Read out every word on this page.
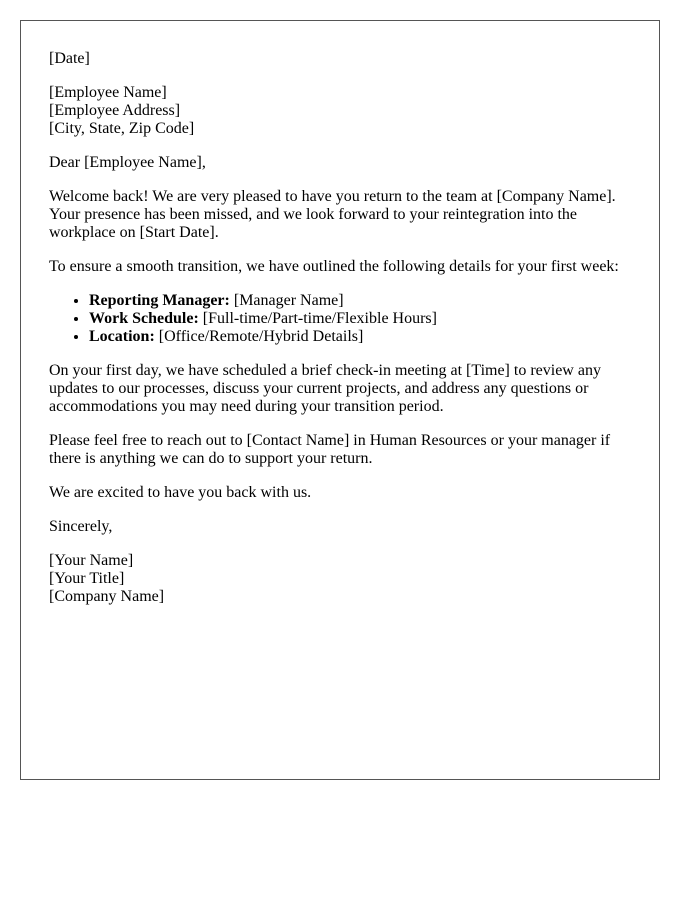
[Date]

[Employee Name]
[Employee Address]
[City, State, Zip Code]

Dear [Employee Name],

Welcome back! We are very pleased to have you return to the team at [Company Name]. Your presence has been missed, and we look forward to your reintegration into the workplace on [Start Date].

To ensure a smooth transition, we have outlined the following details for your first week:

• Reporting Manager: [Manager Name]
• Work Schedule: [Full-time/Part-time/Flexible Hours]
• Location: [Office/Remote/Hybrid Details]

On your first day, we have scheduled a brief check-in meeting at [Time] to review any updates to our processes, discuss your current projects, and address any questions or accommodations you may need during your transition period.

Please feel free to reach out to [Contact Name] in Human Resources or your manager if there is anything we can do to support your return.

We are excited to have you back with us.

Sincerely,

[Your Name]
[Your Title]
[Company Name]
